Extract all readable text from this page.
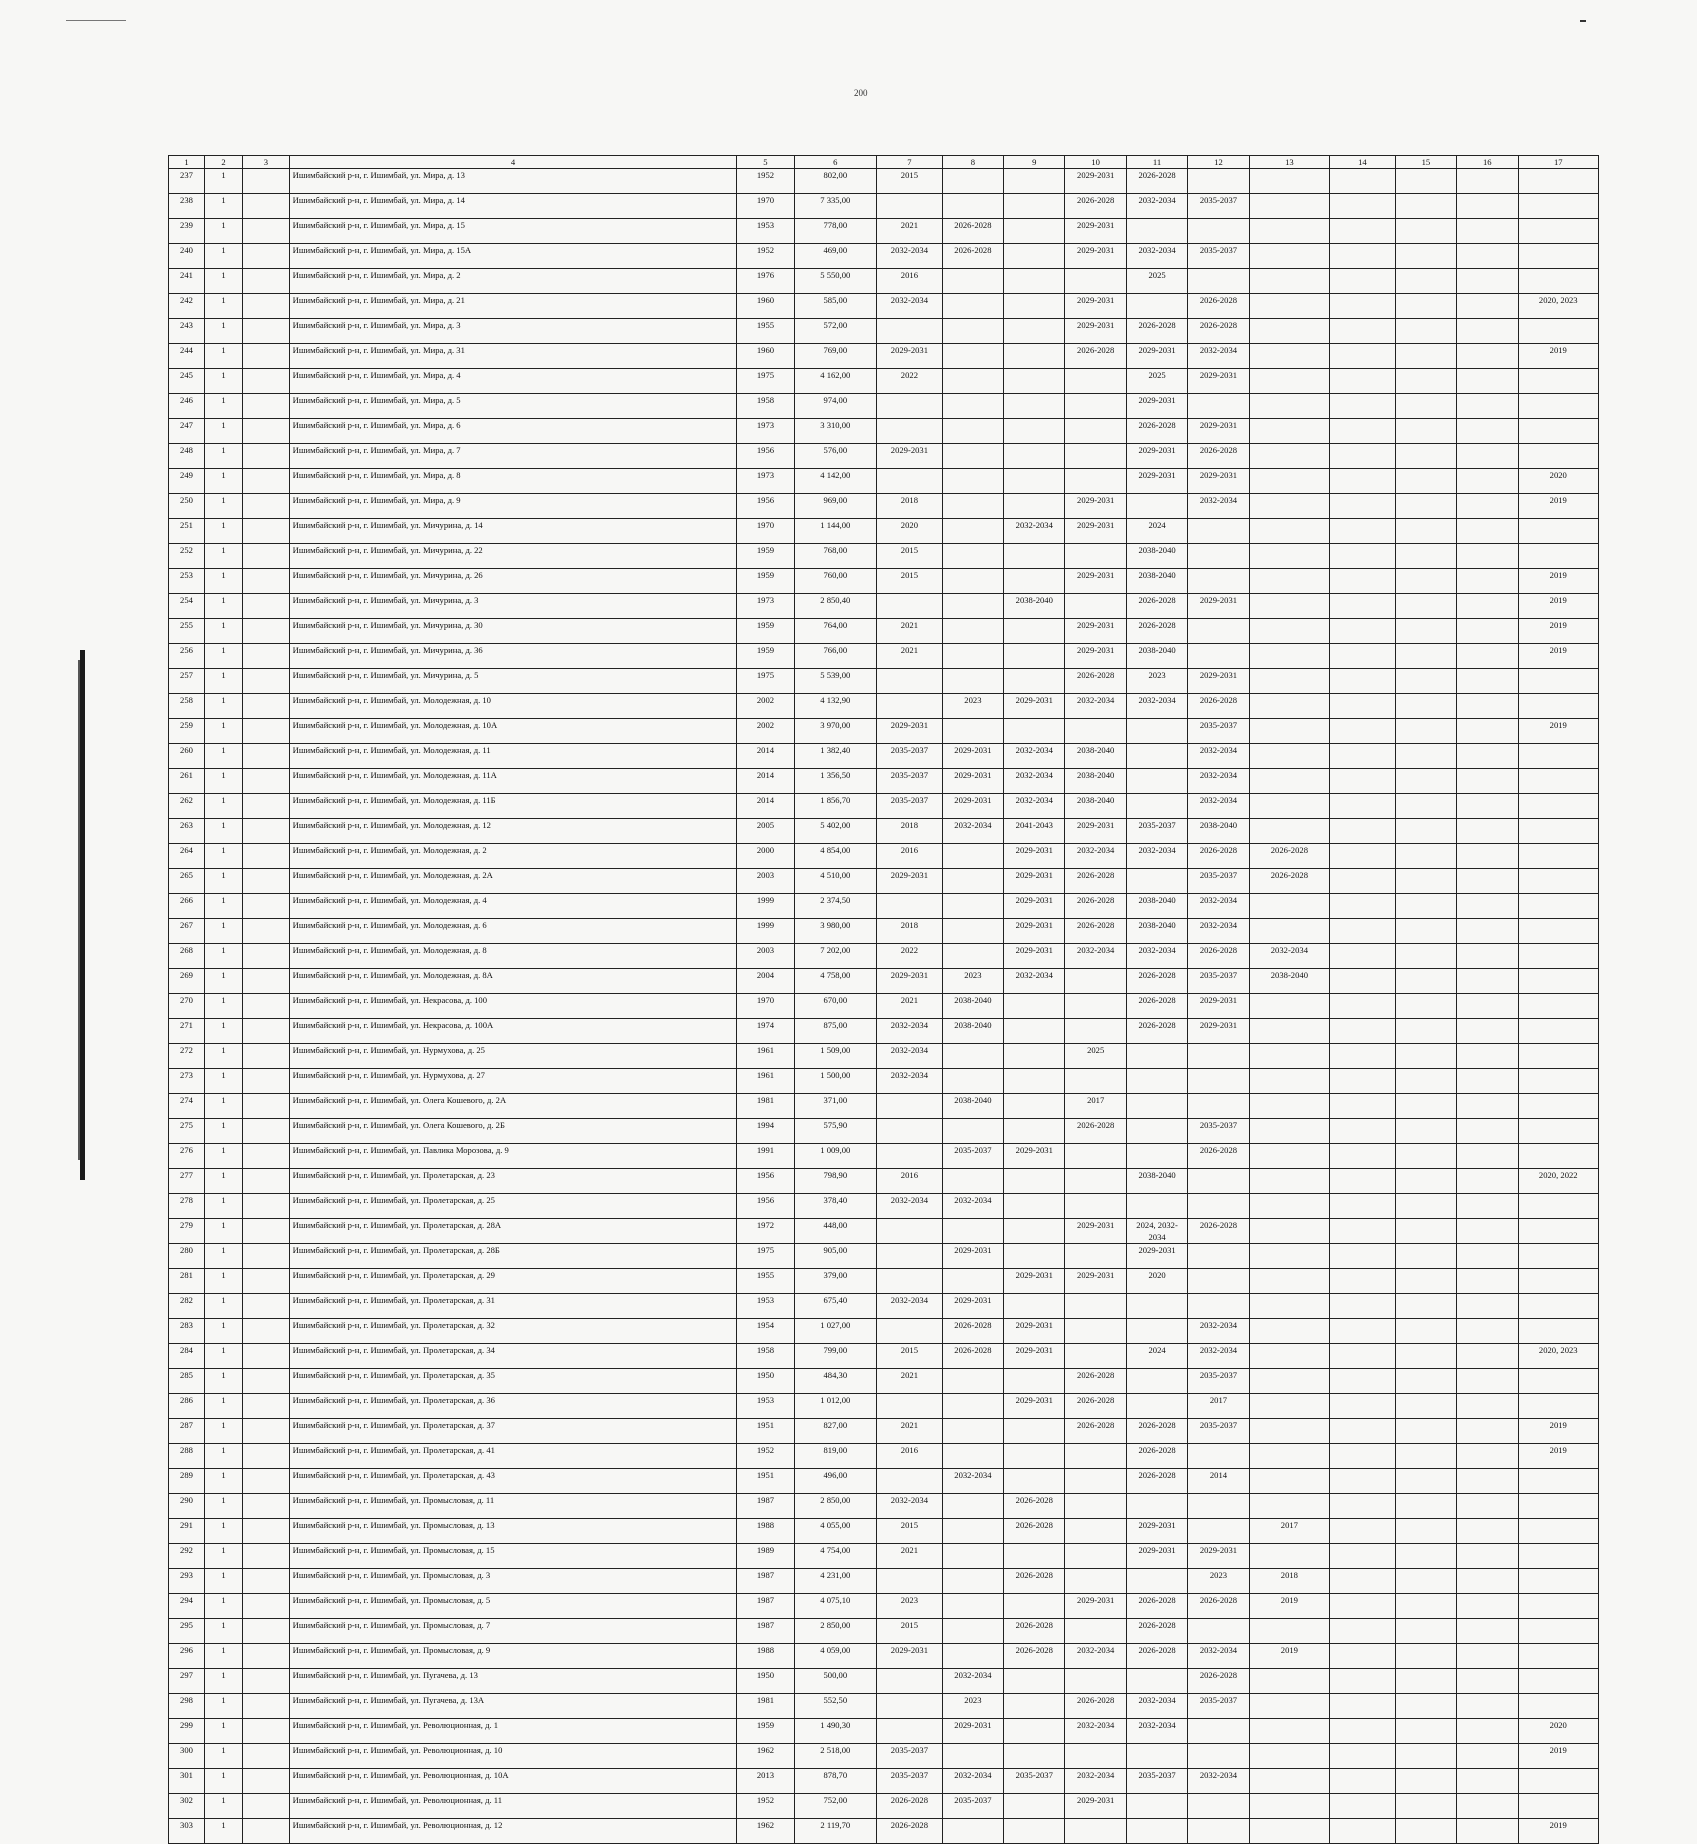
200
1	2	3	4	5	6	7	8	9	10	11	12	13	14	15	16	17
237	1		Ишимбайский р-н, г. Ишимбай, ул. Мира, д. 13	1952	802,00	2015			2029-2031	2026-2028						
238	1		Ишимбайский р-н, г. Ишимбай, ул. Мира, д. 14	1970	7 335,00				2026-2028	2032-2034	2035-2037					
239	1		Ишимбайский р-н, г. Ишимбай, ул. Мира, д. 15	1953	778,00	2021	2026-2028		2029-2031							
240	1		Ишимбайский р-н, г. Ишимбай, ул. Мира, д. 15А	1952	469,00	2032-2034	2026-2028		2029-2031	2032-2034	2035-2037					
241	1		Ишимбайский р-н, г. Ишимбай, ул. Мира, д. 2	1976	5 550,00	2016				2025						
242	1		Ишимбайский р-н, г. Ишимбай, ул. Мира, д. 21	1960	585,00	2032-2034			2029-2031		2026-2028					2020, 2023
243	1		Ишимбайский р-н, г. Ишимбай, ул. Мира, д. 3	1955	572,00				2029-2031	2026-2028	2026-2028					
244	1		Ишимбайский р-н, г. Ишимбай, ул. Мира, д. 31	1960	769,00	2029-2031			2026-2028	2029-2031	2032-2034					2019
245	1		Ишимбайский р-н, г. Ишимбай, ул. Мира, д. 4	1975	4 162,00	2022				2025	2029-2031					
246	1		Ишимбайский р-н, г. Ишимбай, ул. Мира, д. 5	1958	974,00					2029-2031						
247	1		Ишимбайский р-н, г. Ишимбай, ул. Мира, д. 6	1973	3 310,00					2026-2028	2029-2031					
248	1		Ишимбайский р-н, г. Ишимбай, ул. Мира, д. 7	1956	576,00	2029-2031				2029-2031	2026-2028					
249	1		Ишимбайский р-н, г. Ишимбай, ул. Мира, д. 8	1973	4 142,00					2029-2031	2029-2031					2020
250	1		Ишимбайский р-н, г. Ишимбай, ул. Мира, д. 9	1956	969,00	2018			2029-2031		2032-2034					2019
251	1		Ишимбайский р-н, г. Ишимбай, ул. Мичурина, д. 14	1970	1 144,00	2020		2032-2034	2029-2031	2024						
252	1		Ишимбайский р-н, г. Ишимбай, ул. Мичурина, д. 22	1959	768,00	2015				2038-2040						
253	1		Ишимбайский р-н, г. Ишимбай, ул. Мичурина, д. 26	1959	760,00	2015			2029-2031	2038-2040						2019
254	1		Ишимбайский р-н, г. Ишимбай, ул. Мичурина, д. 3	1973	2 850,40			2038-2040		2026-2028	2029-2031					2019
255	1		Ишимбайский р-н, г. Ишимбай, ул. Мичурина, д. 30	1959	764,00	2021			2029-2031	2026-2028						2019
256	1		Ишимбайский р-н, г. Ишимбай, ул. Мичурина, д. 36	1959	766,00	2021			2029-2031	2038-2040						2019
257	1		Ишимбайский р-н, г. Ишимбай, ул. Мичурина, д. 5	1975	5 539,00				2026-2028	2023	2029-2031					
258	1		Ишимбайский р-н, г. Ишимбай, ул. Молодежная, д. 10	2002	4 132,90		2023	2029-2031	2032-2034	2032-2034	2026-2028					
259	1		Ишимбайский р-н, г. Ишимбай, ул. Молодежная, д. 10А	2002	3 970,00	2029-2031					2035-2037					2019
260	1		Ишимбайский р-н, г. Ишимбай, ул. Молодежная, д. 11	2014	1 382,40	2035-2037	2029-2031	2032-2034	2038-2040		2032-2034					
261	1		Ишимбайский р-н, г. Ишимбай, ул. Молодежная, д. 11А	2014	1 356,50	2035-2037	2029-2031	2032-2034	2038-2040		2032-2034					
262	1		Ишимбайский р-н, г. Ишимбай, ул. Молодежная, д. 11Б	2014	1 856,70	2035-2037	2029-2031	2032-2034	2038-2040		2032-2034					
263	1		Ишимбайский р-н, г. Ишимбай, ул. Молодежная, д. 12	2005	5 402,00	2018	2032-2034	2041-2043	2029-2031	2035-2037	2038-2040					
264	1		Ишимбайский р-н, г. Ишимбай, ул. Молодежная, д. 2	2000	4 854,00	2016		2029-2031	2032-2034	2032-2034	2026-2028	2026-2028				
265	1		Ишимбайский р-н, г. Ишимбай, ул. Молодежная, д. 2А	2003	4 510,00	2029-2031		2029-2031	2026-2028		2035-2037	2026-2028				
266	1		Ишимбайский р-н, г. Ишимбай, ул. Молодежная, д. 4	1999	2 374,50			2029-2031	2026-2028	2038-2040	2032-2034					
267	1		Ишимбайский р-н, г. Ишимбай, ул. Молодежная, д. 6	1999	3 980,00	2018		2029-2031	2026-2028	2038-2040	2032-2034					
268	1		Ишимбайский р-н, г. Ишимбай, ул. Молодежная, д. 8	2003	7 202,00	2022		2029-2031	2032-2034	2032-2034	2026-2028	2032-2034				
269	1		Ишимбайский р-н, г. Ишимбай, ул. Молодежная, д. 8А	2004	4 758,00	2029-2031	2023	2032-2034		2026-2028	2035-2037	2038-2040				
270	1		Ишимбайский р-н, г. Ишимбай, ул. Некрасова, д. 100	1970	670,00	2021	2038-2040			2026-2028	2029-2031					
271	1		Ишимбайский р-н, г. Ишимбай, ул. Некрасова, д. 100А	1974	875,00	2032-2034	2038-2040			2026-2028	2029-2031					
272	1		Ишимбайский р-н, г. Ишимбай, ул. Нурмухова, д. 25	1961	1 509,00	2032-2034			2025							
273	1		Ишимбайский р-н, г. Ишимбай, ул. Нурмухова, д. 27	1961	1 500,00	2032-2034										
274	1		Ишимбайский р-н, г. Ишимбай, ул. Олега Кошевого, д. 2А	1981	371,00		2038-2040		2017							
275	1		Ишимбайский р-н, г. Ишимбай, ул. Олега Кошевого, д. 2Б	1994	575,90				2026-2028		2035-2037					
276	1		Ишимбайский р-н, г. Ишимбай, ул. Павлика Морозова, д. 9	1991	1 009,00		2035-2037	2029-2031			2026-2028					
277	1		Ишимбайский р-н, г. Ишимбай, ул. Пролетарская, д. 23	1956	798,90	2016				2038-2040						2020, 2022
278	1		Ишимбайский р-н, г. Ишимбай, ул. Пролетарская, д. 25	1956	378,40	2032-2034	2032-2034									
279	1		Ишимбайский р-н, г. Ишимбай, ул. Пролетарская, д. 28А	1972	448,00				2029-2031	2024, 2032-2034	2026-2028					
280	1		Ишимбайский р-н, г. Ишимбай, ул. Пролетарская, д. 28Б	1975	905,00		2029-2031			2029-2031						
281	1		Ишимбайский р-н, г. Ишимбай, ул. Пролетарская, д. 29	1955	379,00			2029-2031	2029-2031	2020						
282	1		Ишимбайский р-н, г. Ишимбай, ул. Пролетарская, д. 31	1953	675,40	2032-2034	2029-2031									
283	1		Ишимбайский р-н, г. Ишимбай, ул. Пролетарская, д. 32	1954	1 027,00		2026-2028	2029-2031			2032-2034					
284	1		Ишимбайский р-н, г. Ишимбай, ул. Пролетарская, д. 34	1958	799,00	2015	2026-2028	2029-2031		2024	2032-2034					2020, 2023
285	1		Ишимбайский р-н, г. Ишимбай, ул. Пролетарская, д. 35	1950	484,30	2021			2026-2028		2035-2037					
286	1		Ишимбайский р-н, г. Ишимбай, ул. Пролетарская, д. 36	1953	1 012,00			2029-2031	2026-2028		2017					
287	1		Ишимбайский р-н, г. Ишимбай, ул. Пролетарская, д. 37	1951	827,00	2021			2026-2028	2026-2028	2035-2037					2019
288	1		Ишимбайский р-н, г. Ишимбай, ул. Пролетарская, д. 41	1952	819,00	2016				2026-2028						2019
289	1		Ишимбайский р-н, г. Ишимбай, ул. Пролетарская, д. 43	1951	496,00		2032-2034			2026-2028	2014					
290	1		Ишимбайский р-н, г. Ишимбай, ул. Промысловая, д. 11	1987	2 850,00	2032-2034		2026-2028								
291	1		Ишимбайский р-н, г. Ишимбай, ул. Промысловая, д. 13	1988	4 055,00	2015		2026-2028		2029-2031		2017				
292	1		Ишимбайский р-н, г. Ишимбай, ул. Промысловая, д. 15	1989	4 754,00	2021				2029-2031	2029-2031					
293	1		Ишимбайский р-н, г. Ишимбай, ул. Промысловая, д. 3	1987	4 231,00			2026-2028			2023	2018				
294	1		Ишимбайский р-н, г. Ишимбай, ул. Промысловая, д. 5	1987	4 075,10	2023			2029-2031	2026-2028	2026-2028	2019				
295	1		Ишимбайский р-н, г. Ишимбай, ул. Промысловая, д. 7	1987	2 850,00	2015		2026-2028		2026-2028						
296	1		Ишимбайский р-н, г. Ишимбай, ул. Промысловая, д. 9	1988	4 059,00	2029-2031		2026-2028	2032-2034	2026-2028	2032-2034	2019				
297	1		Ишимбайский р-н, г. Ишимбай, ул. Пугачева, д. 13	1950	500,00		2032-2034				2026-2028					
298	1		Ишимбайский р-н, г. Ишимбай, ул. Пугачева, д. 13А	1981	552,50		2023		2026-2028	2032-2034	2035-2037					
299	1		Ишимбайский р-н, г. Ишимбай, ул. Революционная, д. 1	1959	1 490,30		2029-2031		2032-2034	2032-2034						2020
300	1		Ишимбайский р-н, г. Ишимбай, ул. Революционная, д. 10	1962	2 518,00	2035-2037										2019
301	1		Ишимбайский р-н, г. Ишимбай, ул. Революционная, д. 10А	2013	878,70	2035-2037	2032-2034	2035-2037	2032-2034	2035-2037	2032-2034					
302	1		Ишимбайский р-н, г. Ишимбай, ул. Революционная, д. 11	1952	752,00	2026-2028	2035-2037		2029-2031							
303	1		Ишимбайский р-н, г. Ишимбай, ул. Революционная, д. 12	1962	2 119,70	2026-2028										2019
